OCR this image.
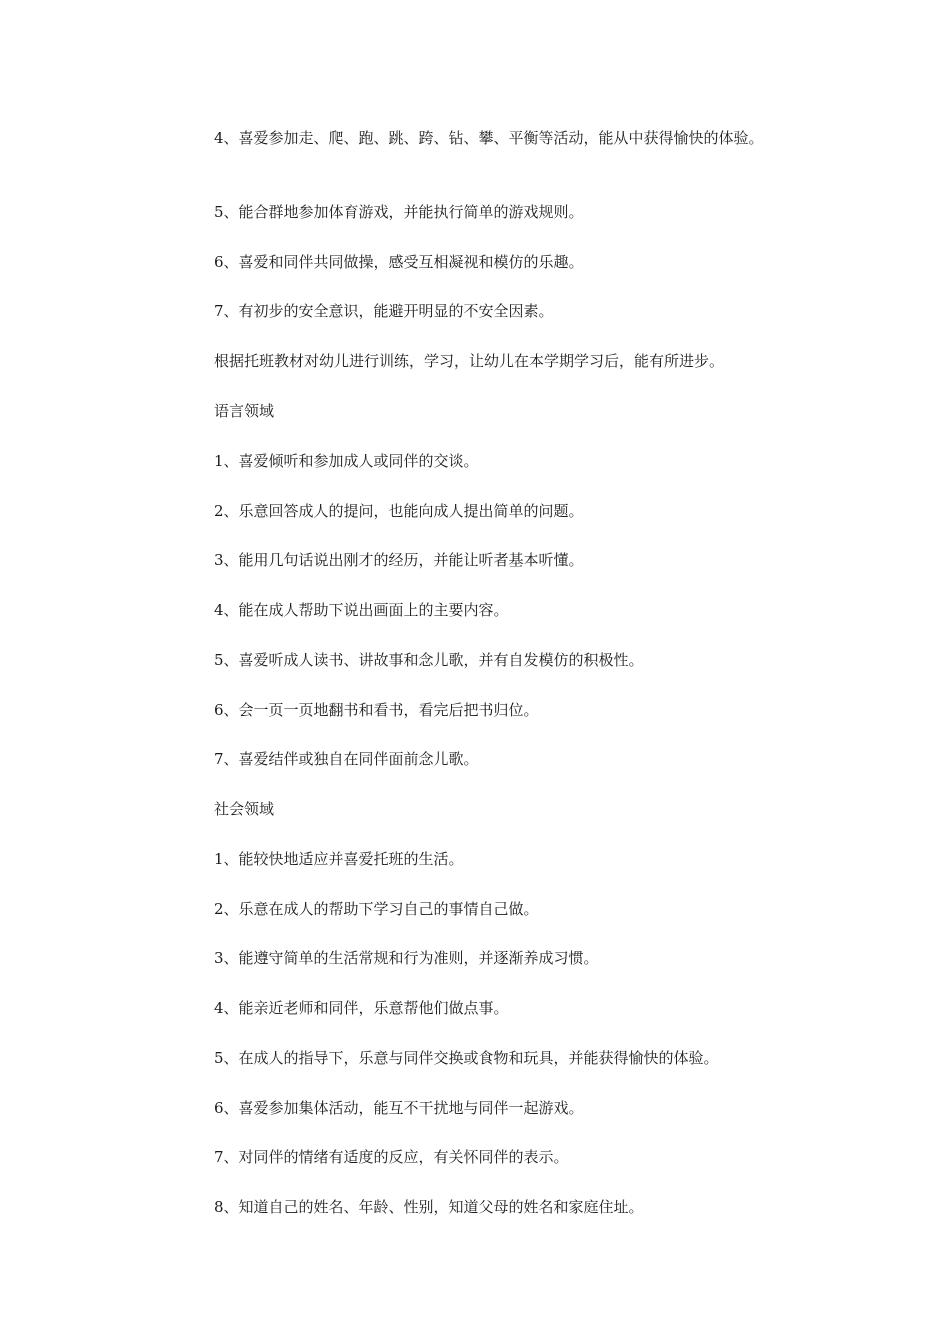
4、喜爱参加走、爬、跑、跳、跨、钻、攀、平衡等活动，能从中获得愉快的体验。

5、能合群地参加体育游戏，并能执行简单的游戏规则。

6、喜爱和同伴共同做操，感受互相凝视和模仿的乐趣。

7、有初步的安全意识，能避开明显的不安全因素。

根据托班教材对幼儿进行训练，学习，让幼儿在本学期学习后，能有所进步。

语言领域

1、喜爱倾听和参加成人或同伴的交谈。

2、乐意回答成人的提问，也能向成人提出简单的问题。

3、能用几句话说出刚才的经历，并能让听者基本听懂。

4、能在成人帮助下说出画面上的主要内容。

5、喜爱听成人读书、讲故事和念儿歌，并有自发模仿的积极性。

6、会一页一页地翻书和看书，看完后把书归位。

7、喜爱结伴或独自在同伴面前念儿歌。

社会领域

1、能较快地适应并喜爱托班的生活。

2、乐意在成人的帮助下学习自己的事情自己做。

3、能遵守简单的生活常规和行为准则，并逐渐养成习惯。

4、能亲近老师和同伴，乐意帮他们做点事。

5、在成人的指导下，乐意与同伴交换或食物和玩具，并能获得愉快的体验。

6、喜爱参加集体活动，能互不干扰地与同伴一起游戏。

7、对同伴的情绪有适度的反应，有关怀同伴的表示。

8、知道自己的姓名、年龄、性别，知道父母的姓名和家庭住址。
